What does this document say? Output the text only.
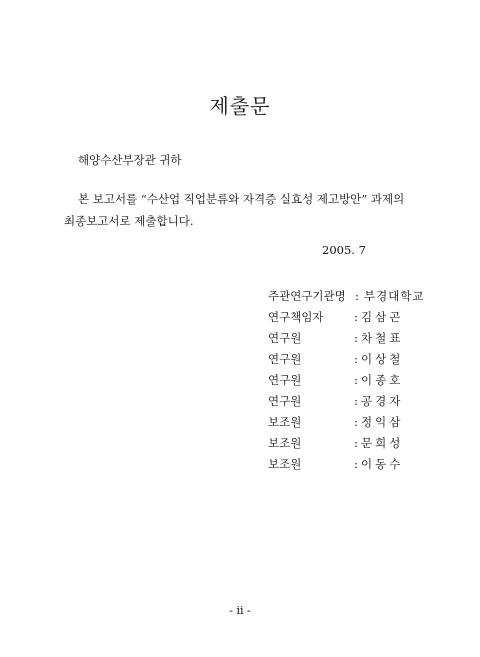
제출문
해양수산부장관 귀하
본 보고서를 “수산업 직업분류와 자격증 실효성 제고방안” 과제의 최종보고서로 제출합니다.
2005. 7
주관연구기관명 : 부경대학교
연구책임자	: 김삼곤
연구원	: 차철표
연구원	: 이상철
연구원	: 이종호
연구원	: 공경자
보조원	: 정익삼
보조원	: 문희성
보조원	: 이동수
- ii -
